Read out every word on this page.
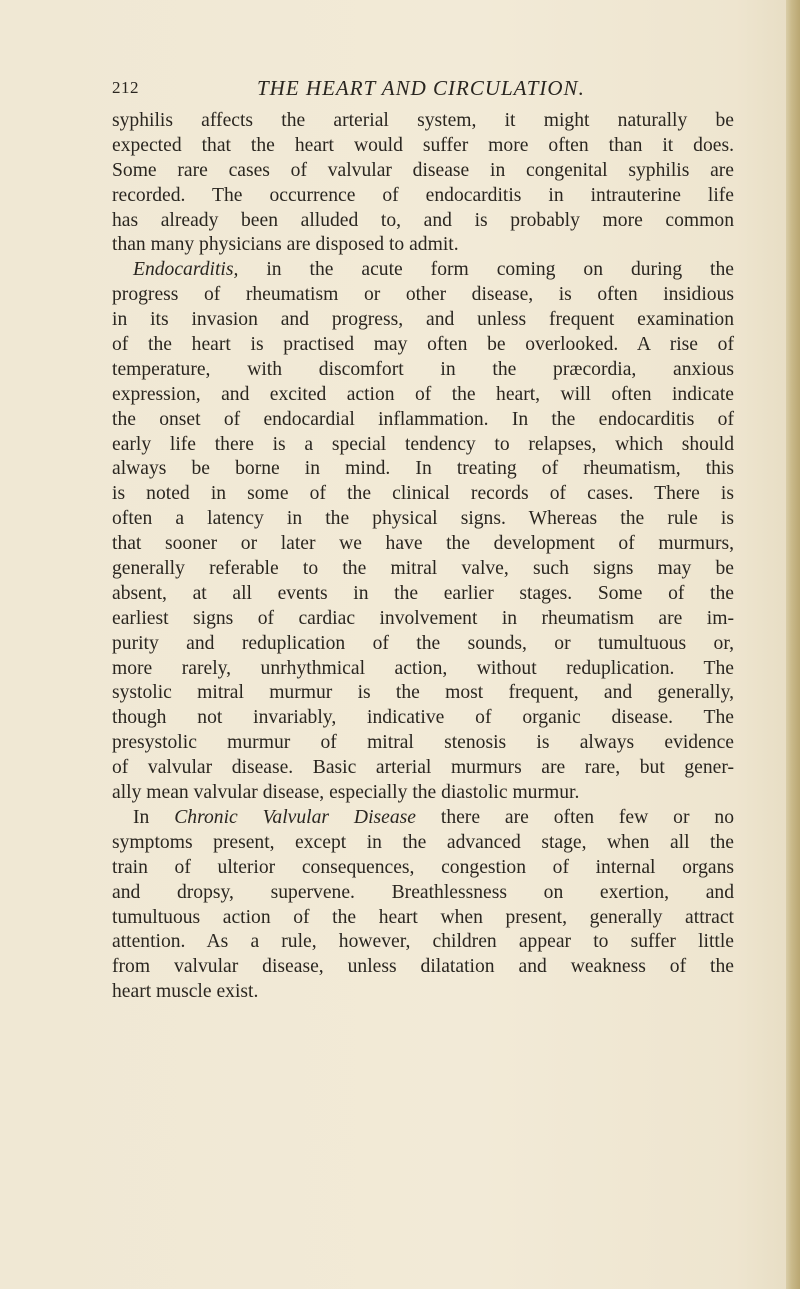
212	THE HEART AND CIRCULATION.
syphilis affects the arterial system, it might naturally be
expected that the heart would suffer more often than it does.
Some rare cases of valvular disease in congenital syphilis are
recorded. The occurrence of endocarditis in intrauterine life
has already been alluded to, and is probably more common
than many physicians are disposed to admit.
Endocarditis, in the acute form coming on during the
progress of rheumatism or other disease, is often insidious
in its invasion and progress, and unless frequent examination
of the heart is practised may often be overlooked. A rise of
temperature, with discomfort in the præcordia, anxious
expression, and excited action of the heart, will often indicate
the onset of endocardial inflammation. In the endocarditis of
early life there is a special tendency to relapses, which should
always be borne in mind. In treating of rheumatism, this
is noted in some of the clinical records of cases. There is
often a latency in the physical signs. Whereas the rule is
that sooner or later we have the development of murmurs,
generally referable to the mitral valve, such signs may be
absent, at all events in the earlier stages. Some of the
earliest signs of cardiac involvement in rheumatism are im-
purity and reduplication of the sounds, or tumultuous or,
more rarely, unrhythmical action, without reduplication. The
systolic mitral murmur is the most frequent, and generally,
though not invariably, indicative of organic disease. The
presystolic murmur of mitral stenosis is always evidence
of valvular disease. Basic arterial murmurs are rare, but gener-
ally mean valvular disease, especially the diastolic murmur.
In Chronic Valvular Disease there are often few or no
symptoms present, except in the advanced stage, when all the
train of ulterior consequences, congestion of internal organs
and dropsy, supervene. Breathlessness on exertion, and
tumultuous action of the heart when present, generally attract
attention. As a rule, however, children appear to suffer little
from valvular disease, unless dilatation and weakness of the
heart muscle exist.
